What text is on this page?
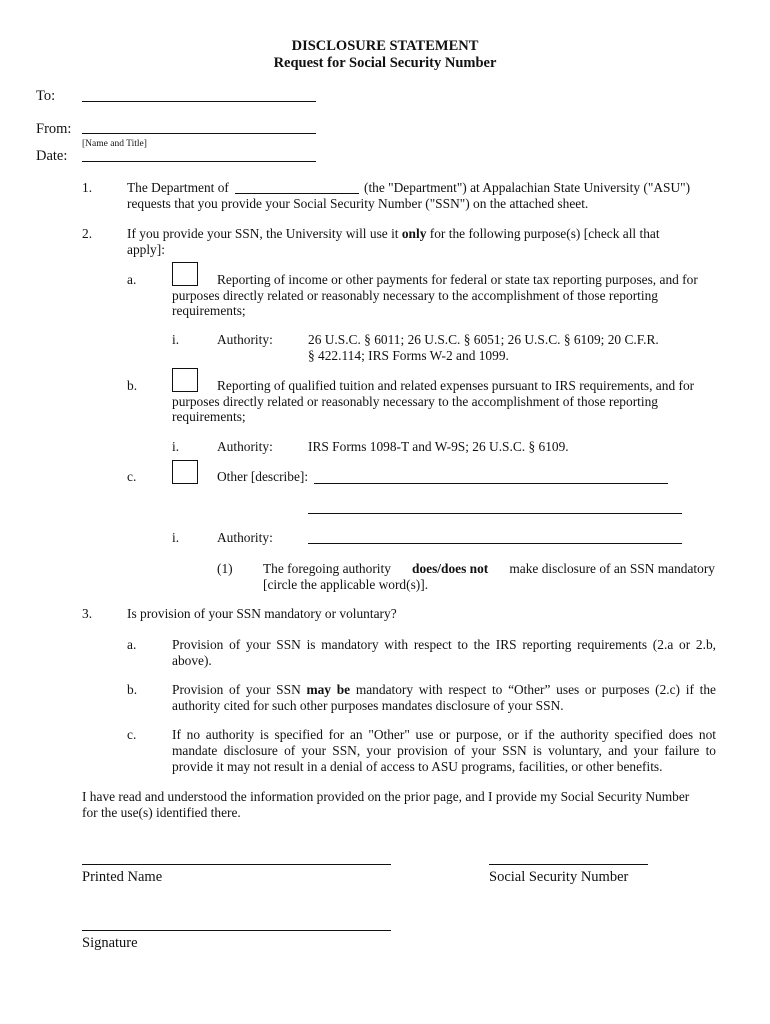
DISCLOSURE STATEMENT
Request for Social Security Number
To:
From:
[Name and Title]
Date:
1.	The Department of	(the "Department") at Appalachian State University ("ASU")
requests that you provide your Social Security Number ("SSN") on the attached sheet.
2.	If you provide your SSN, the University will use it only for the following purpose(s) [check all that
apply]:
a.	Reporting of income or other payments for federal or state tax reporting purposes, and for
purposes directly related or reasonably necessary to the accomplishment of those reporting
requirements;
i.	Authority:	26 U.S.C. § 6011; 26 U.S.C. § 6051; 26 U.S.C. § 6109; 20 C.F.R.
§ 422.114; IRS Forms W-2 and 1099.
b.	Reporting of qualified tuition and related expenses pursuant to IRS requirements, and for
purposes directly related or reasonably necessary to the accomplishment of those reporting
requirements;
i.	Authority:	IRS Forms 1098-T and W-9S; 26 U.S.C. § 6109.
c.	Other [describe]:
i.	Authority:
(1) The foregoing authority does/does not make disclosure of an SSN mandatory
[circle the applicable word(s)].
3.	Is provision of your SSN mandatory or voluntary?
a.	Provision of your SSN is mandatory with respect to the IRS reporting requirements (2.a or 2.b, above).
b.	Provision of your SSN may be mandatory with respect to “Other” uses or purposes (2.c) if the authority cited for such other purposes mandates disclosure of your SSN.
c.	If no authority is specified for an "Other" use or purpose, or if the authority specified does not mandate disclosure of your SSN, your provision of your SSN is voluntary, and your failure to provide it may not result in a denial of access to ASU programs, facilities, or other benefits.
I have read and understood the information provided on the prior page, and I provide my Social Security Number
for the use(s) identified there.
Printed Name	Social Security Number
Signature
